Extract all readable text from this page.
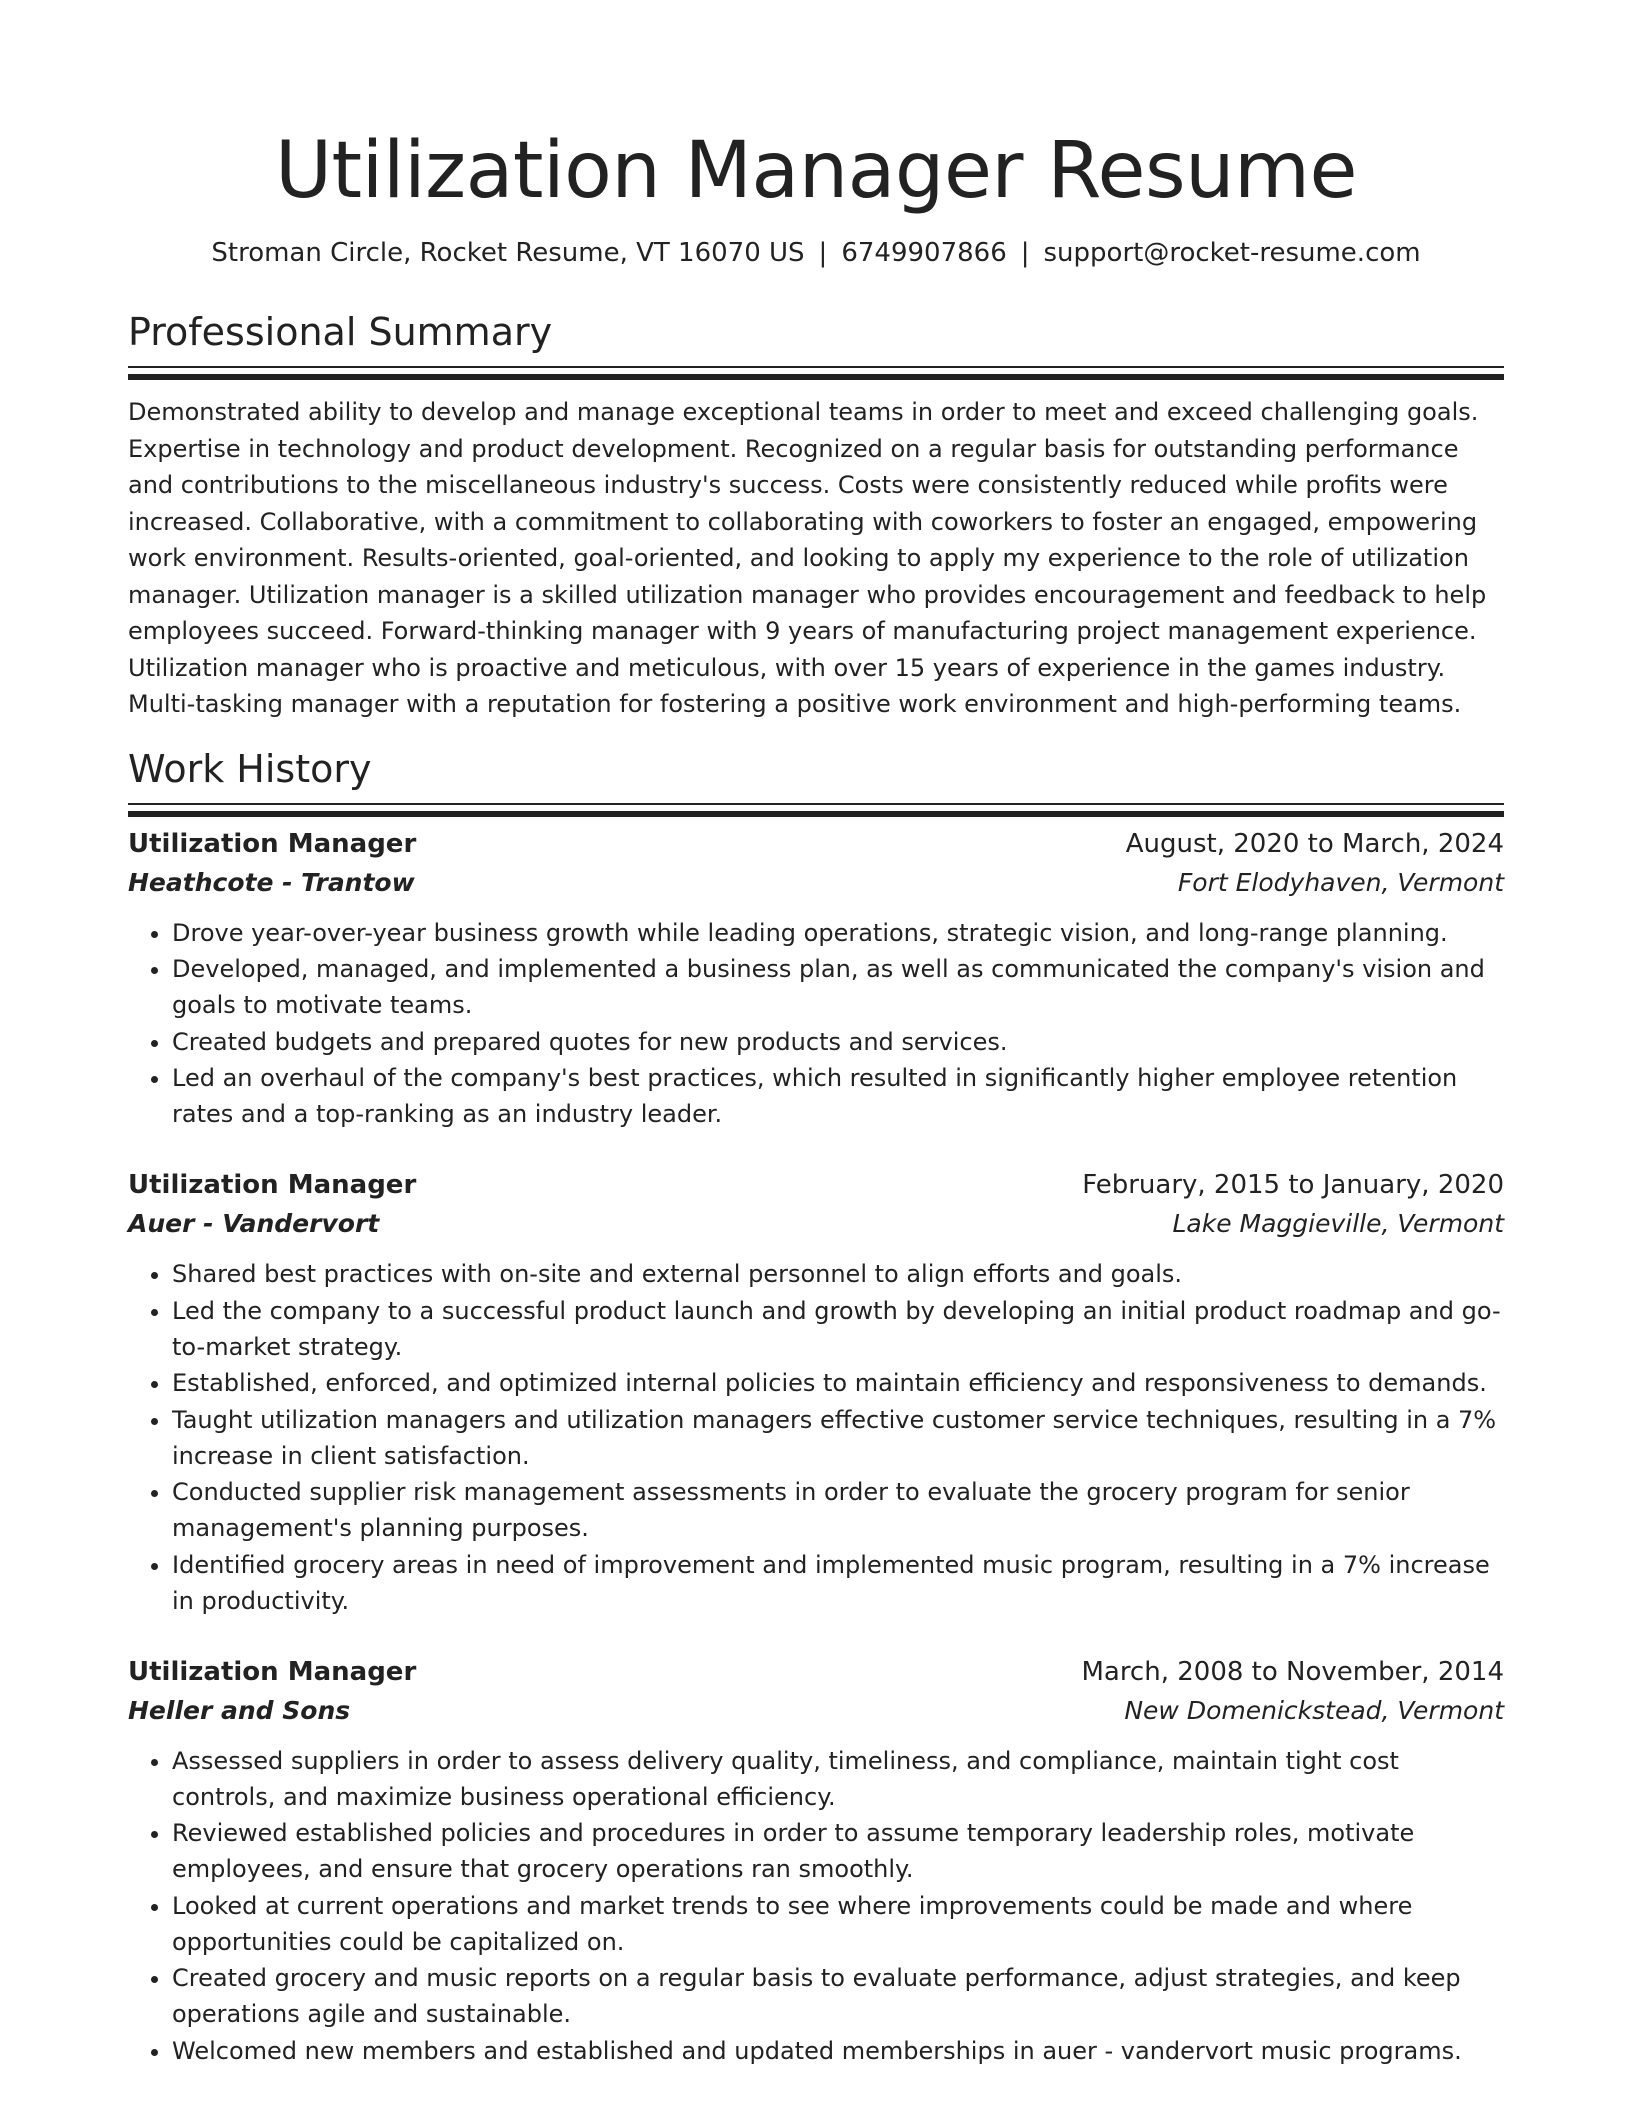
Utilization Manager Resume
Stroman Circle, Rocket Resume, VT 16070 US | 6749907866 | support@rocket-resume.com
Professional Summary

Demonstrated ability to develop and manage exceptional teams in order to meet and exceed challenging goals. Expertise in technology and product development. Recognized on a regular basis for outstanding performance and contributions to the miscellaneous industry's success. Costs were consistently reduced while profits were increased. Collaborative, with a commitment to collaborating with coworkers to foster an engaged, empowering work environment. Results-oriented, goal-oriented, and looking to apply my experience to the role of utilization manager. Utilization manager is a skilled utilization manager who provides encouragement and feedback to help employees succeed. Forward-thinking manager with 9 years of manufacturing project management experience. Utilization manager who is proactive and meticulous, with over 15 years of experience in the games industry. Multi-tasking manager with a reputation for fostering a positive work environment and high-performing teams.

Work History
Utilization Manager	August, 2020 to March, 2024
Heathcote - Trantow	Fort Elodyhaven, Vermont
• Drove year-over-year business growth while leading operations, strategic vision, and long-range planning.
• Developed, managed, and implemented a business plan, as well as communicated the company's vision and goals to motivate teams.
• Created budgets and prepared quotes for new products and services.
• Led an overhaul of the company's best practices, which resulted in significantly higher employee retention rates and a top-ranking as an industry leader.
Utilization Manager	February, 2015 to January, 2020
Auer - Vandervort	Lake Maggieville, Vermont
• Shared best practices with on-site and external personnel to align efforts and goals.
• Led the company to a successful product launch and growth by developing an initial product roadmap and go-to-market strategy.
• Established, enforced, and optimized internal policies to maintain efficiency and responsiveness to demands.
• Taught utilization managers and utilization managers effective customer service techniques, resulting in a 7% increase in client satisfaction.
• Conducted supplier risk management assessments in order to evaluate the grocery program for senior management's planning purposes.
• Identified grocery areas in need of improvement and implemented music program, resulting in a 7% increase in productivity.
Utilization Manager	March, 2008 to November, 2014
Heller and Sons	New Domenickstead, Vermont
• Assessed suppliers in order to assess delivery quality, timeliness, and compliance, maintain tight cost controls, and maximize business operational efficiency.
• Reviewed established policies and procedures in order to assume temporary leadership roles, motivate employees, and ensure that grocery operations ran smoothly.
• Looked at current operations and market trends to see where improvements could be made and where opportunities could be capitalized on.
• Created grocery and music reports on a regular basis to evaluate performance, adjust strategies, and keep operations agile and sustainable.
• Welcomed new members and established and updated memberships in auer - vandervort music programs.
